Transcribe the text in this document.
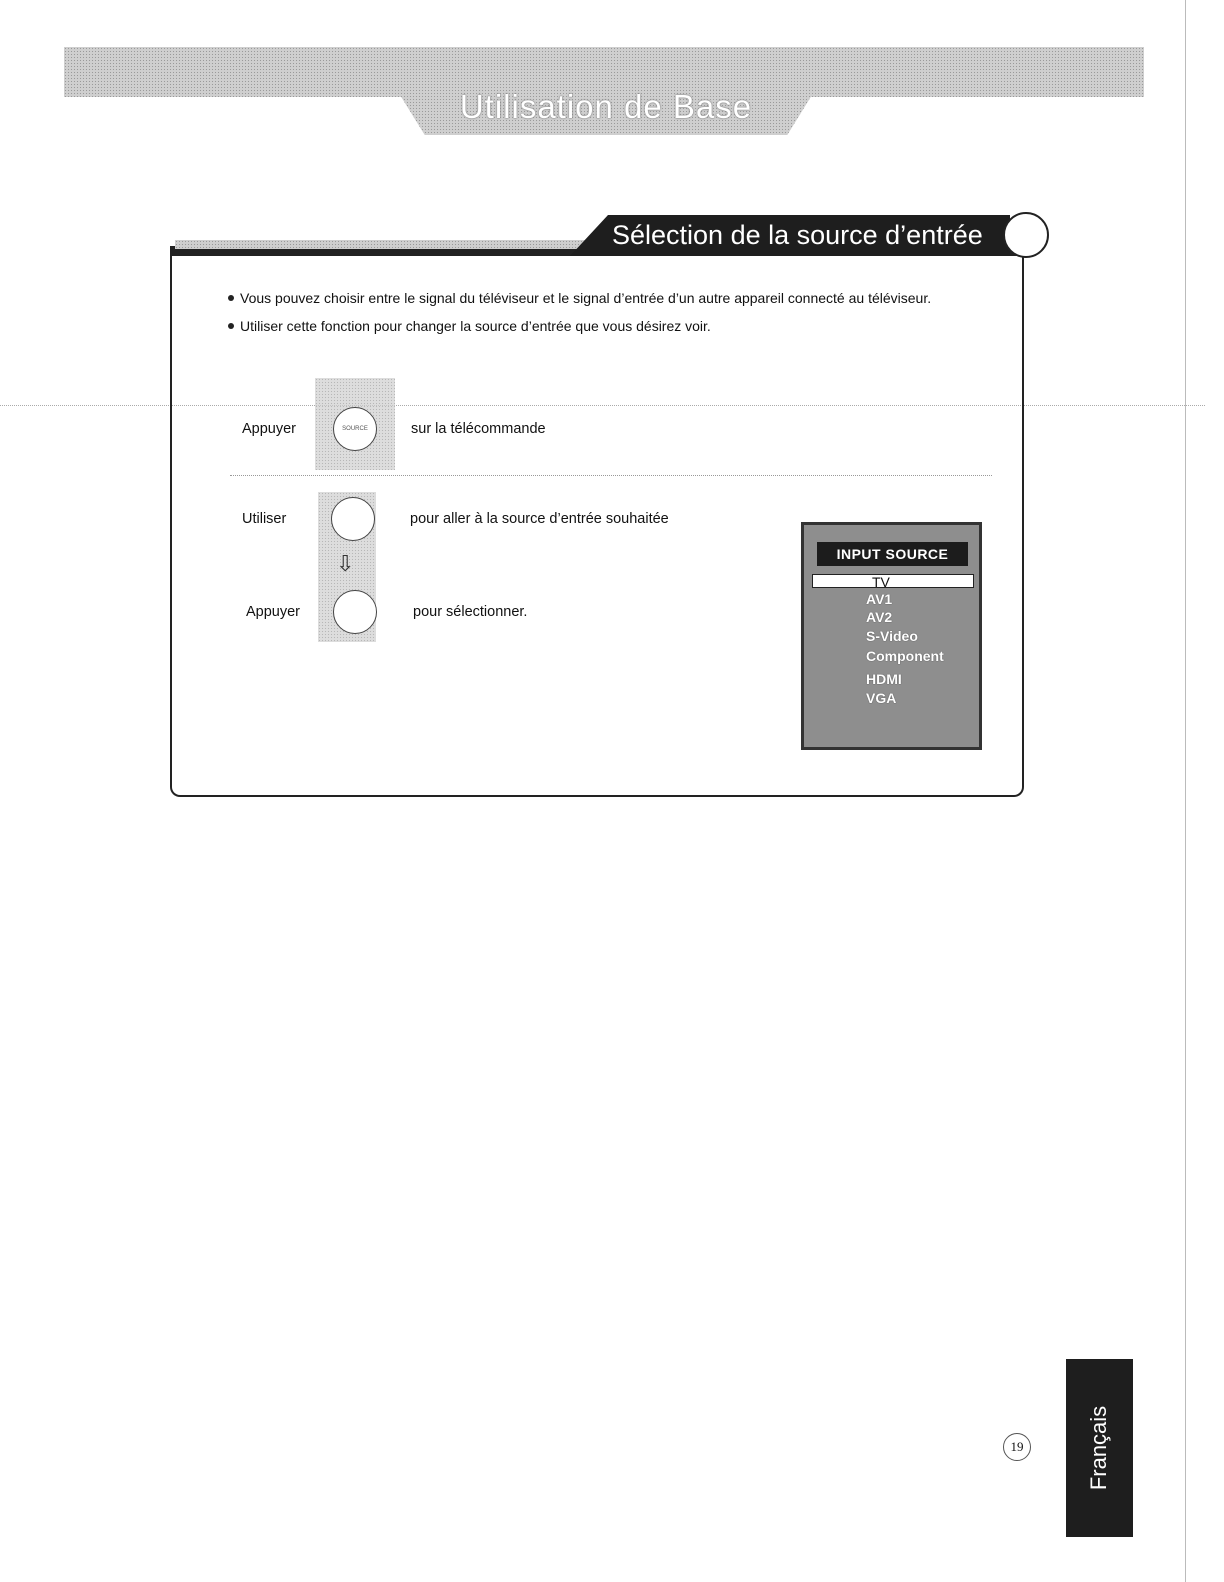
Utilisation de Base
Sélection de la source d’entrée
Vous pouvez choisir entre le signal du téléviseur et le signal d’entrée d’un autre appareil connecté au téléviseur.
Utiliser cette fonction pour changer la source d’entrée que vous désirez voir.
Appuyer	SOURCE	sur la télécommande
Utiliser	pour aller à la source d’entrée souhaitée
⇩
Appuyer	pour sélectionner.
INPUT SOURCE
TV
AV1
AV2
S-Video
Component
HDMI
VGA
19	Français
